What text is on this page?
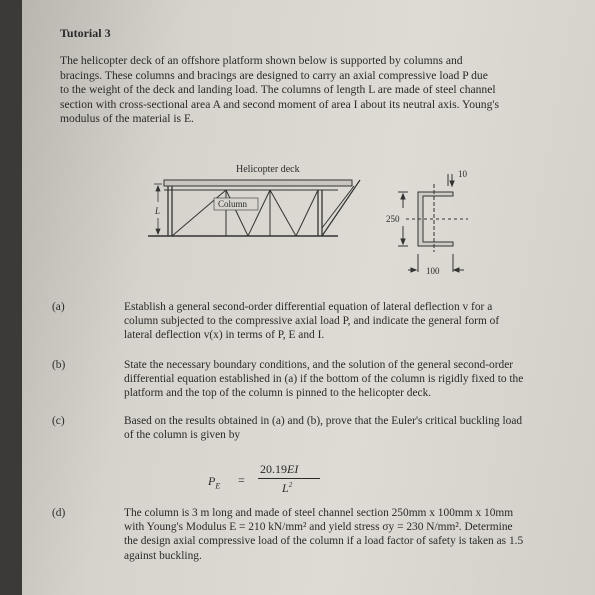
Tutorial 3
The helicopter deck of an offshore platform shown below is supported by columns and
bracings. These columns and bracings are designed to carry an axial compressive load P due
to the weight of the deck and landing load. The columns of length L are made of steel channel
section with cross-sectional area A and second moment of area I about its neutral axis. Young's
modulus of the material is E.
Column
Helicopter deck
L
10
250
100
(a)	Establish a general second-order differential equation of lateral deflection v for a
column subjected to the compressive axial load P, and indicate the general form of
lateral deflection v(x) in terms of P, E and I.
(b)	State the necessary boundary conditions, and the solution of the general second-order
differential equation established in (a) if the bottom of the column is rigidly fixed to the
platform and the top of the column is pinned to the helicopter deck.
(c)	Based on the results obtained in (a) and (b), prove that the Euler's critical buckling load
of the column is given by
$P_E$ =
20.19EI
$L^2$
(d)	The column is 3 m long and made of steel channel section 250mm x 100mm x 10mm
with Young's Modulus E = 210 kN/mm² and yield stress σy = 230 N/mm². Determine
the design axial compressive load of the column if a load factor of safety is taken as 1.5
against buckling.
